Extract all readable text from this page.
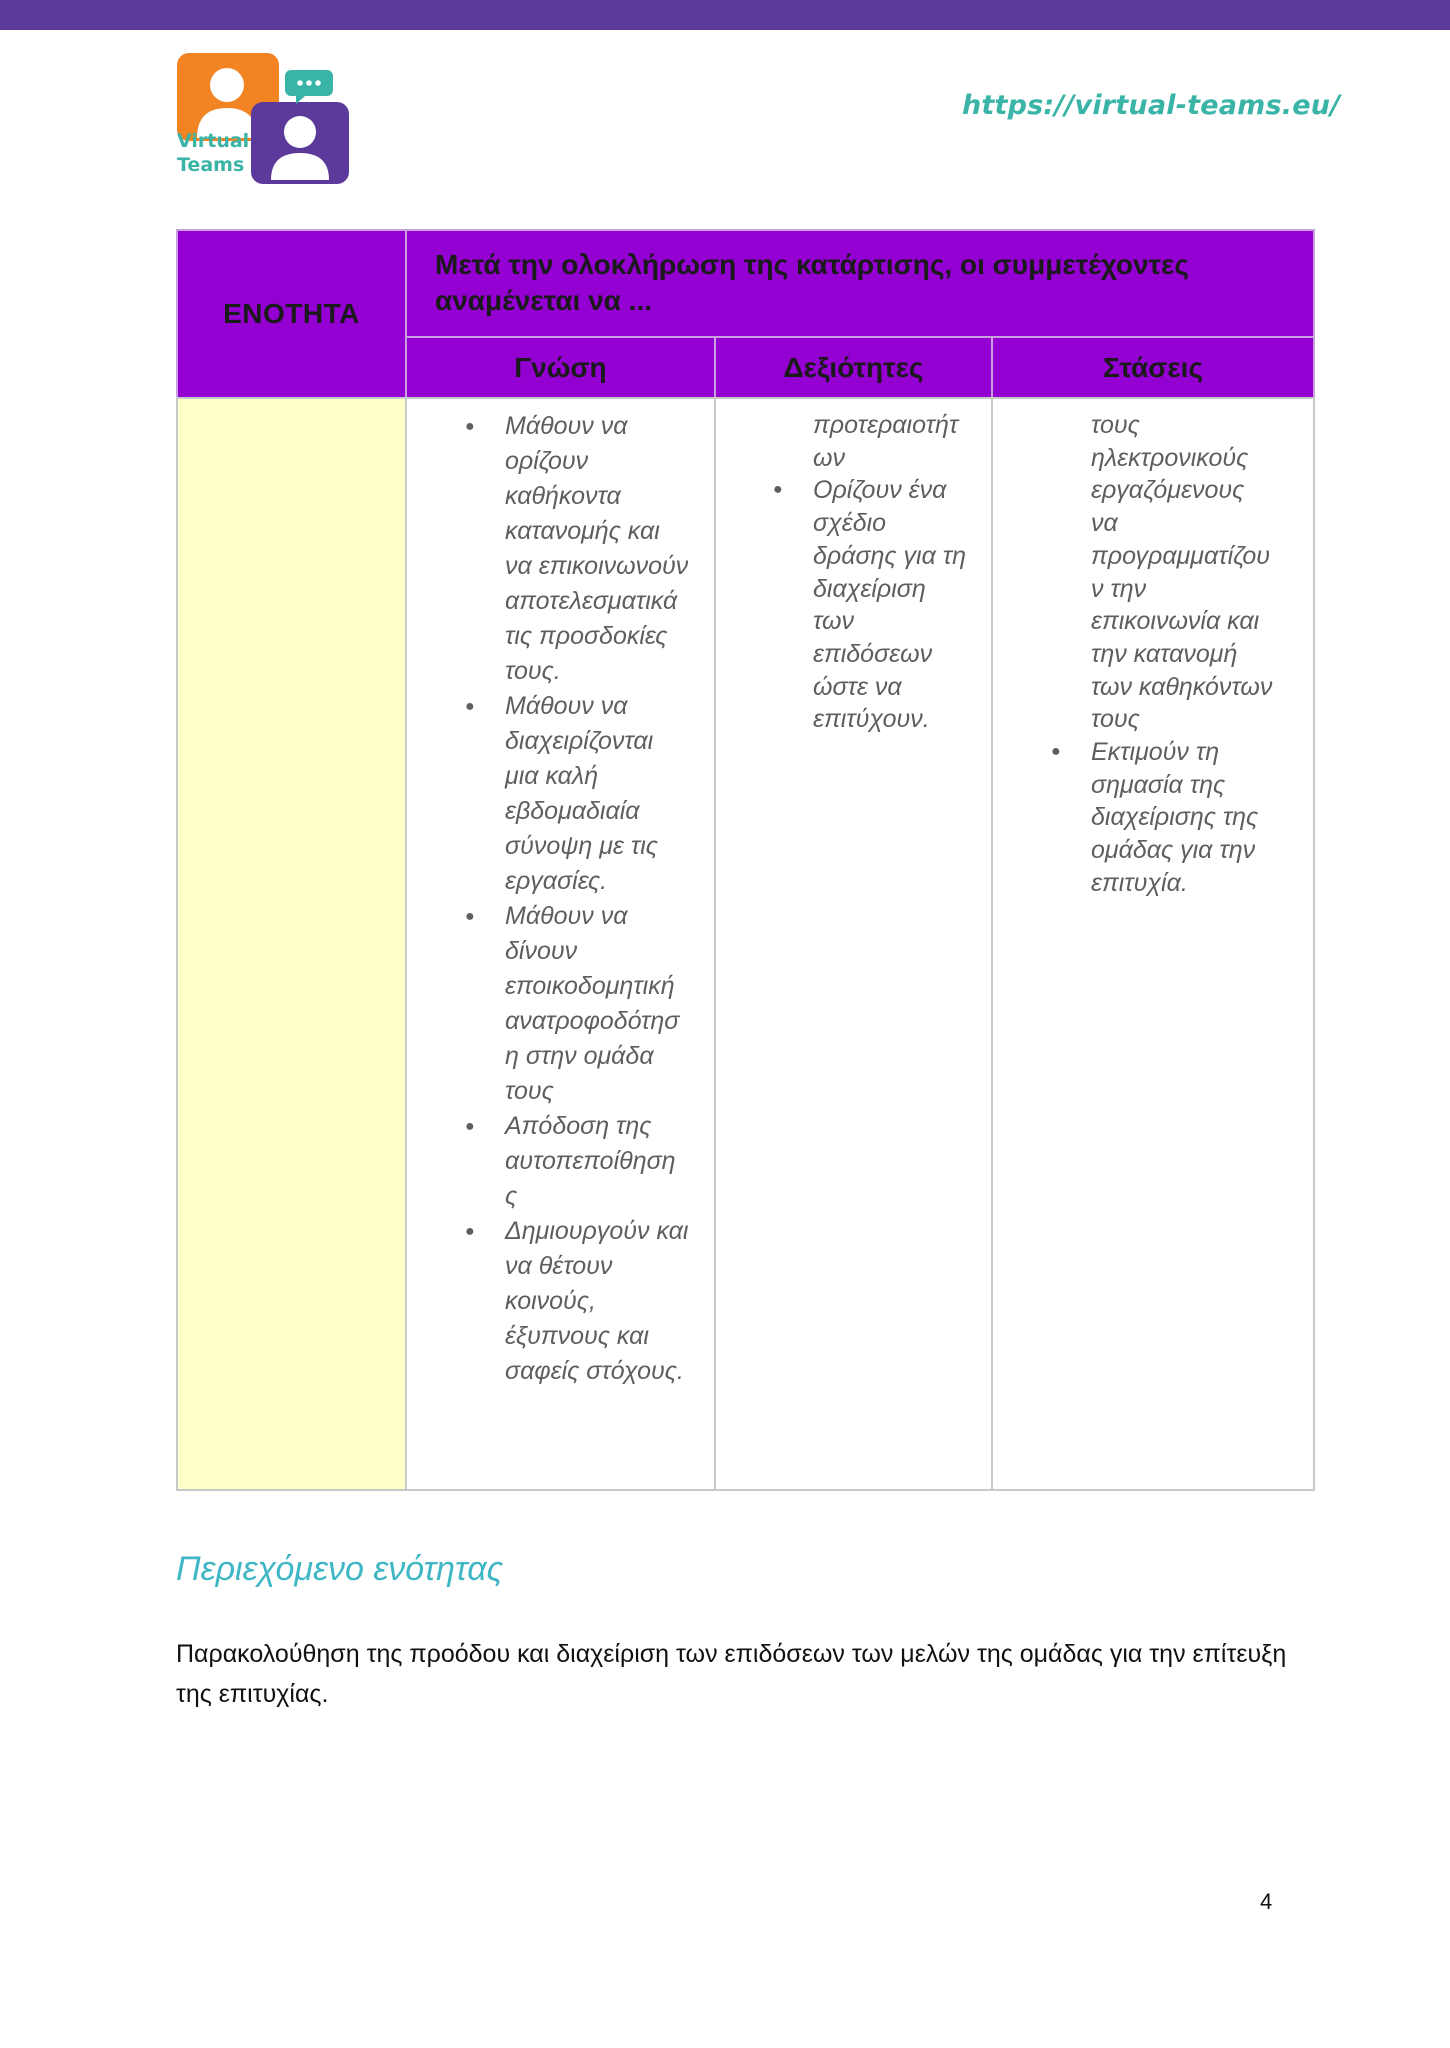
Virtual
Teams
https://virtual-teams.eu/
ΕΝΟΤΗΤΑ
Μετά την ολοκλήρωση της κατάρτισης, οι συμμετέχοντες αναμένεται να ...
Γνώση	Δεξιότητες	Στάσεις
● Μάθουν να
ορίζουν
καθήκοντα
κατανομής και
να επικοινωνούν
αποτελεσματικά
τις προσδοκίες
τους.
● Μάθουν να
διαχειρίζονται
μια καλή
εβδομαδιαία
σύνοψη με τις
εργασίες.
● Μάθουν να
δίνουν
εποικοδομητική
ανατροφοδότησ
η στην ομάδα
τους
● Απόδοση της
αυτοπεποίθηση
ς
● Δημιουργούν και
να θέτουν
κοινούς,
έξυπνους και
σαφείς στόχους.
προτεραιοτήτ
ων
● Ορίζουν ένα
σχέδιο
δράσης για τη
διαχείριση
των
επιδόσεων
ώστε να
επιτύχουν.
τους
ηλεκτρονικούς
εργαζόμενους
να
προγραμματίζου
ν την
επικοινωνία και
την κατανομή
των καθηκόντων
τους
● Εκτιμούν τη
σημασία της
διαχείρισης της
ομάδας για την
επιτυχία.
Περιεχόμενο ενότητας

Παρακολούθηση της προόδου και διαχείριση των επιδόσεων των μελών της ομάδας για την επίτευξη της επιτυχίας.

4
